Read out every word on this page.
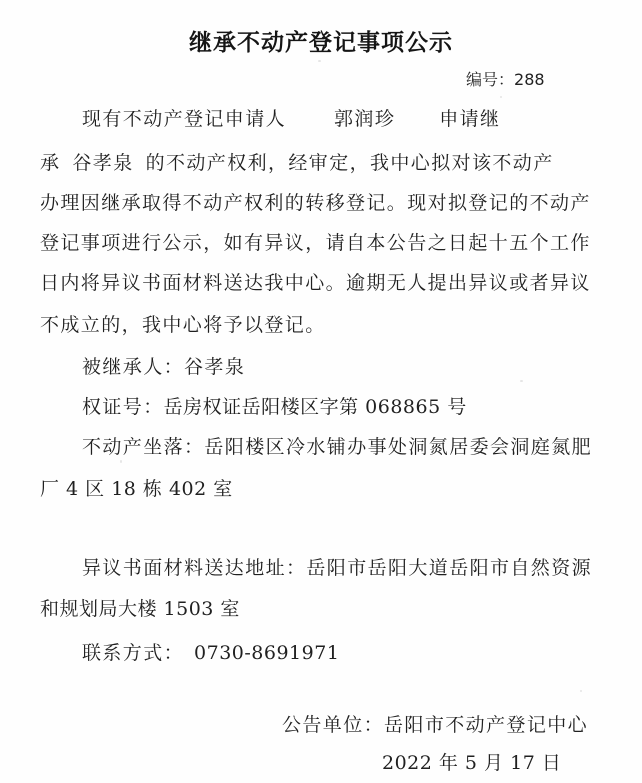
继承不动产登记事项公示
编号：288
现有不动产登记申请人	郭润珍 申请继
承 谷孝泉 的不动产权利，经审定，我中心拟对该不动产
办理因继承取得不动产权利的转移登记。现对拟登记的不动产
登记事项进行公示，如有异议，请自本公告之日起十五个工作
日内将异议书面材料送达我中心。逾期无人提出异议或者异议
不成立的，我中心将予以登记。
被继承人：谷孝泉
权证号：岳房权证岳阳楼区字第 068865 号
不动产坐落：岳阳楼区冷水铺办事处洞氮居委会洞庭氮肥
厂 4 区 18 栋 402 室
异议书面材料送达地址：岳阳市岳阳大道岳阳市自然资源
和规划局大楼 1503 室
联系方式： 0730-8691971
公告单位：岳阳市不动产登记中心
2022 年 5 月 17 日
